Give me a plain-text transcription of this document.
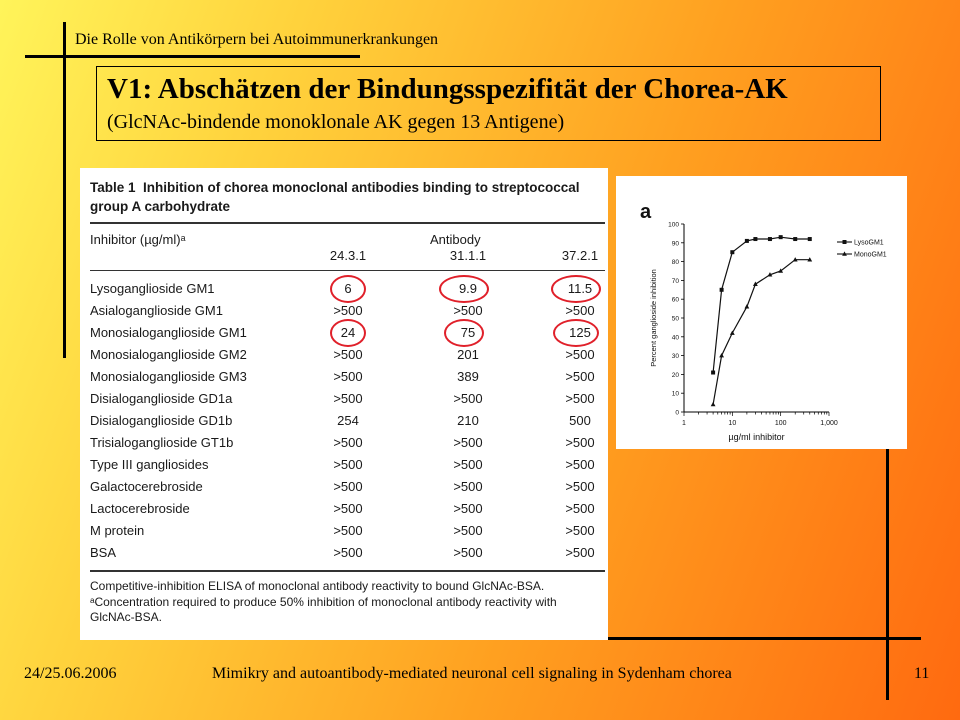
Die Rolle von Antikörpern bei Autoimmunerkrankungen
V1: Abschätzen der Bindungsspezifität der Chorea-AK
(GlcNAc-bindende monoklonale AK gegen 13 Antigene)
Table 1 Inhibition of chorea monoclonal antibodies binding to streptococcal group A carbohydrate
Inhibitor (µg/ml)ᵃ	Antibody
24.3.1	31.1.1	37.2.1
Lysoganglioside GM1	6	9.9	11.5
Asialoganglioside GM1	>500	>500	>500
Monosialoganglioside GM1	24	75	125
Monosialoganglioside GM2	>500	201	>500
Monosialoganglioside GM3	>500	389	>500
Disialoganglioside GD1a	>500	>500	>500
Disialoganglioside GD1b	254	210	500
Trisialoganglioside GT1b	>500	>500	>500
Type III gangliosides	>500	>500	>500
Galactocerebroside	>500	>500	>500
Lactocerebroside	>500	>500	>500
M protein	>500	>500	>500
BSA	>500	>500	>500
Competitive-inhibition ELISA of monoclonal antibody reactivity to bound GlcNAc-BSA. ᵃConcentration required to produce 50% inhibition of monoclonal antibody reactivity with GlcNAc-BSA.
a
0
10
20
30
40
50
60
70
80
90
100
1	10	100	1,000
µg/ml inhibitor
Percent ganglioside inhibition
LysoGM1
MonoGM1
24/25.06.2006	Mimikry and autoantibody-mediated neuronal cell signaling in Sydenham chorea	11
